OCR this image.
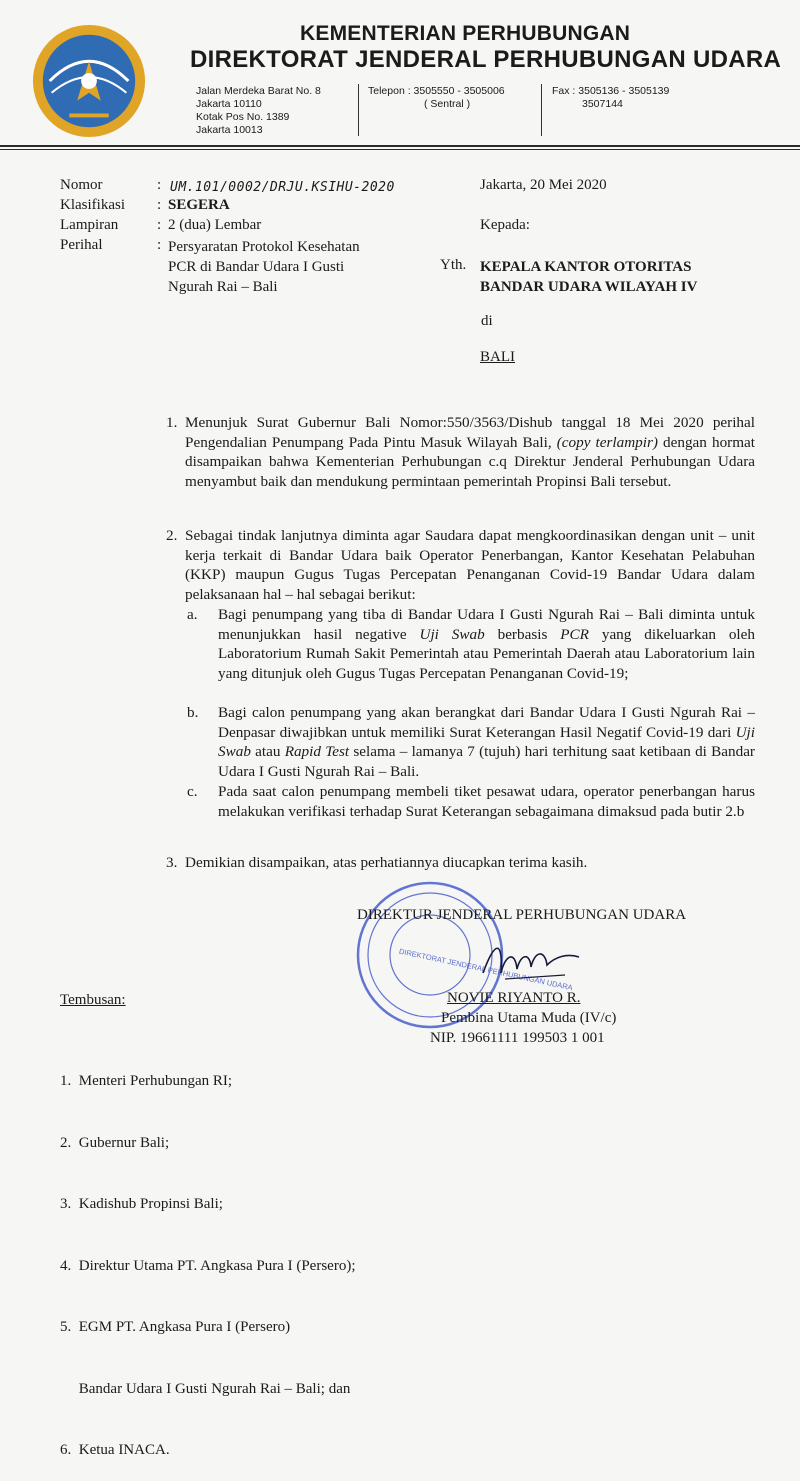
KEMENTERIAN PERHUBUNGAN
DIREKTORAT JENDERAL PERHUBUNGAN UDARA
Jalan Merdeka Barat No. 8
Jakarta 10110
Kotak Pos No. 1389
Jakarta 10013
Telepon : 3505550 - 3505006
( Sentral )
Fax : 3505136 - 3505139
3507144
Nomor	: UM.101/0002/DRJU.KSIHU-2020
Klasifikasi : SEGERA
Lampiran	: 2 (dua) Lembar
Perihal	: Persyaratan Protokol Kesehatan
PCR di Bandar Udara I Gusti
Ngurah Rai – Bali
Jakarta, 20 Mei 2020
Kepada:
Yth. KEPALA KANTOR OTORITAS
BANDAR UDARA WILAYAH IV
di
BALI
1. Menunjuk Surat Gubernur Bali Nomor:550/3563/Dishub tanggal 18 Mei 2020 perihal Pengendalian Penumpang Pada Pintu Masuk Wilayah Bali, (copy terlampir) dengan hormat disampaikan bahwa Kementerian Perhubungan c.q Direktur Jenderal Perhubungan Udara menyambut baik dan mendukung permintaan pemerintah Propinsi Bali tersebut.
2. Sebagai tindak lanjutnya diminta agar Saudara dapat mengkoordinasikan dengan unit – unit kerja terkait di Bandar Udara baik Operator Penerbangan, Kantor Kesehatan Pelabuhan (KKP) maupun Gugus Tugas Percepatan Penanganan Covid-19 Bandar Udara dalam pelaksanaan hal – hal sebagai berikut:
a. Bagi penumpang yang tiba di Bandar Udara I Gusti Ngurah Rai – Bali diminta untuk menunjukkan hasil negative Uji Swab berbasis PCR yang dikeluarkan oleh Laboratorium Rumah Sakit Pemerintah atau Pemerintah Daerah atau Laboratorium lain yang ditunjuk oleh Gugus Tugas Percepatan Penanganan Covid-19;
b. Bagi calon penumpang yang akan berangkat dari Bandar Udara I Gusti Ngurah Rai – Denpasar diwajibkan untuk memiliki Surat Keterangan Hasil Negatif Covid-19 dari Uji Swab atau Rapid Test selama – lamanya 7 (tujuh) hari terhitung saat ketibaan di Bandar Udara I Gusti Ngurah Rai – Bali.
c. Pada saat calon penumpang membeli tiket pesawat udara, operator penerbangan harus melakukan verifikasi terhadap Surat Keterangan sebagaimana dimaksud pada butir 2.b
3. Demikian disampaikan, atas perhatiannya diucapkan terima kasih.
DIREKTORAT JENDERAL PERHUBUNGAN UDARA
DIREKTUR JENDERAL PERHUBUNGAN UDARA
NOVIE RIYANTO R.
Pembina Utama Muda (IV/c)
NIP. 19661111 199503 1 001
Tembusan:

1.  Menteri Perhubungan RI;

2.  Gubernur Bali;

3.  Kadishub Propinsi Bali;

4.  Direktur Utama PT. Angkasa Pura I (Persero);

5.  EGM PT. Angkasa Pura I (Persero)

Bandar Udara I Gusti Ngurah Rai – Bali; dan

6.  Ketua INACA.
